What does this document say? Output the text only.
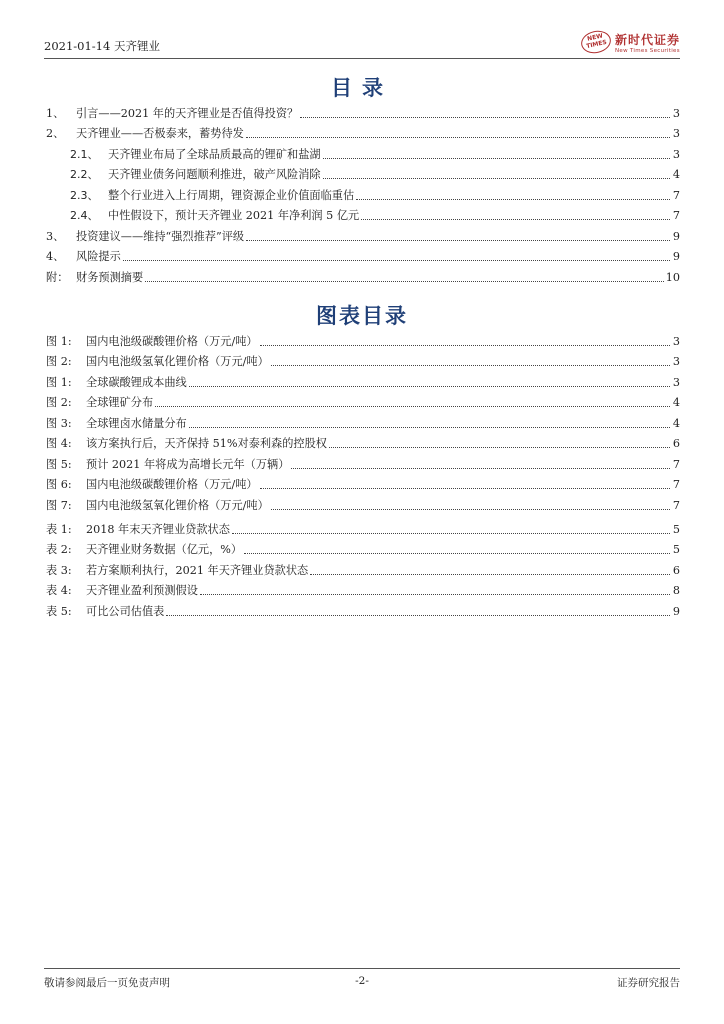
2021-01-14 天齐锂业
NEW TIMES 新时代证券
New Times Securities
目录
1、	引言——2021 年的天齐锂业是否值得投资？	3
2、	天齐锂业——否极泰来，蓄势待发	3
2.1、 天齐锂业布局了全球品质最高的锂矿和盐湖	3
2.2、 天齐锂业债务问题顺利推进，破产风险消除	4
2.3、 整个行业进入上行周期，锂资源企业价值面临重估	7
2.4、 中性假设下，预计天齐锂业 2021 年净利润 5 亿元	7
3、	投资建议——维持“强烈推荐”评级	9
4、	风险提示	9
附： 财务预测摘要	10
图表目录
图 1:	国内电池级碳酸锂价格（万元/吨）	3
图 2:	国内电池级氢氧化锂价格（万元/吨）	3
图 1:	全球碳酸锂成本曲线	3
图 2:	全球锂矿分布	4
图 3:	全球锂卤水储量分布	4
图 4:	该方案执行后，天齐保持 51%对泰利森的控股权	6
图 5:	预计 2021 年将成为高增长元年（万辆）	7
图 6:	国内电池级碳酸锂价格（万元/吨）	7
图 7:	国内电池级氢氧化锂价格（万元/吨）	7
表 1:	2018 年末天齐锂业贷款状态	5
表 2:	天齐锂业财务数据（亿元，%）	5
表 3:	若方案顺利执行，2021 年天齐锂业贷款状态	6
表 4:	天齐锂业盈利预测假设	8
表 5:	可比公司估值表	9
敬请参阅最后一页免责声明	-2-	证券研究报告
